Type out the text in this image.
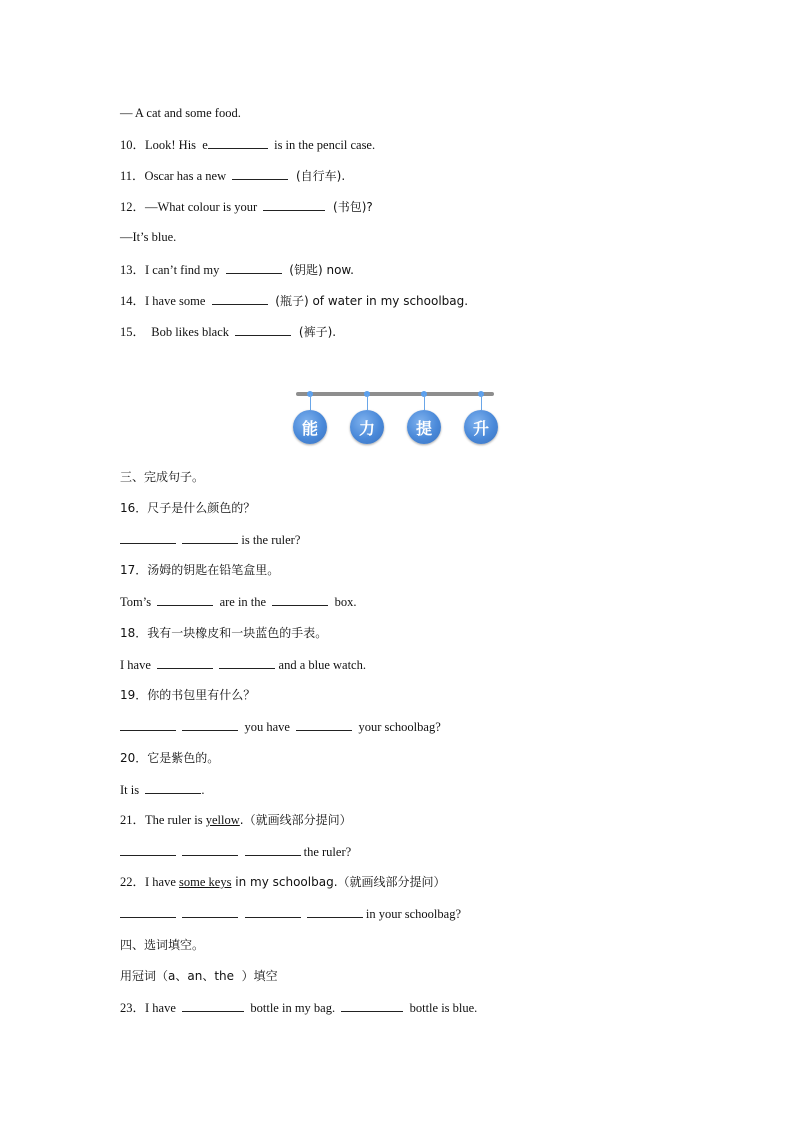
— A cat and some food.
10．Look! His  e	is in the pencil case.
11．Oscar has a new	(自行车).
12．—What colour is your	(书包)?
—It’s blue.
13．I can’t find my	(钥匙) now.
14．I have some	(瓶子) of water in my schoolbag.
15．  Bob likes black	(裤子).
能	力	提	升
三、完成句子。
16．尺子是什么颜色的？
is the ruler?
17．汤姆的钥匙在铅笔盒里。
Tom’s	are in the	box.
18．我有一块橡皮和一块蓝色的手表。
I have	and a blue watch.
19．你的书包里有什么？
you have	your schoolbag?
20．它是紫色的。
It is	.
21．The ruler is yellow.（就画线部分提问）
the ruler?
22．I have some keys in my schoolbag.（就画线部分提问）
in your schoolbag?
四、选词填空。
用冠词（a、an、the  ）填空
23．I have	bottle in my bag.	bottle is blue.
